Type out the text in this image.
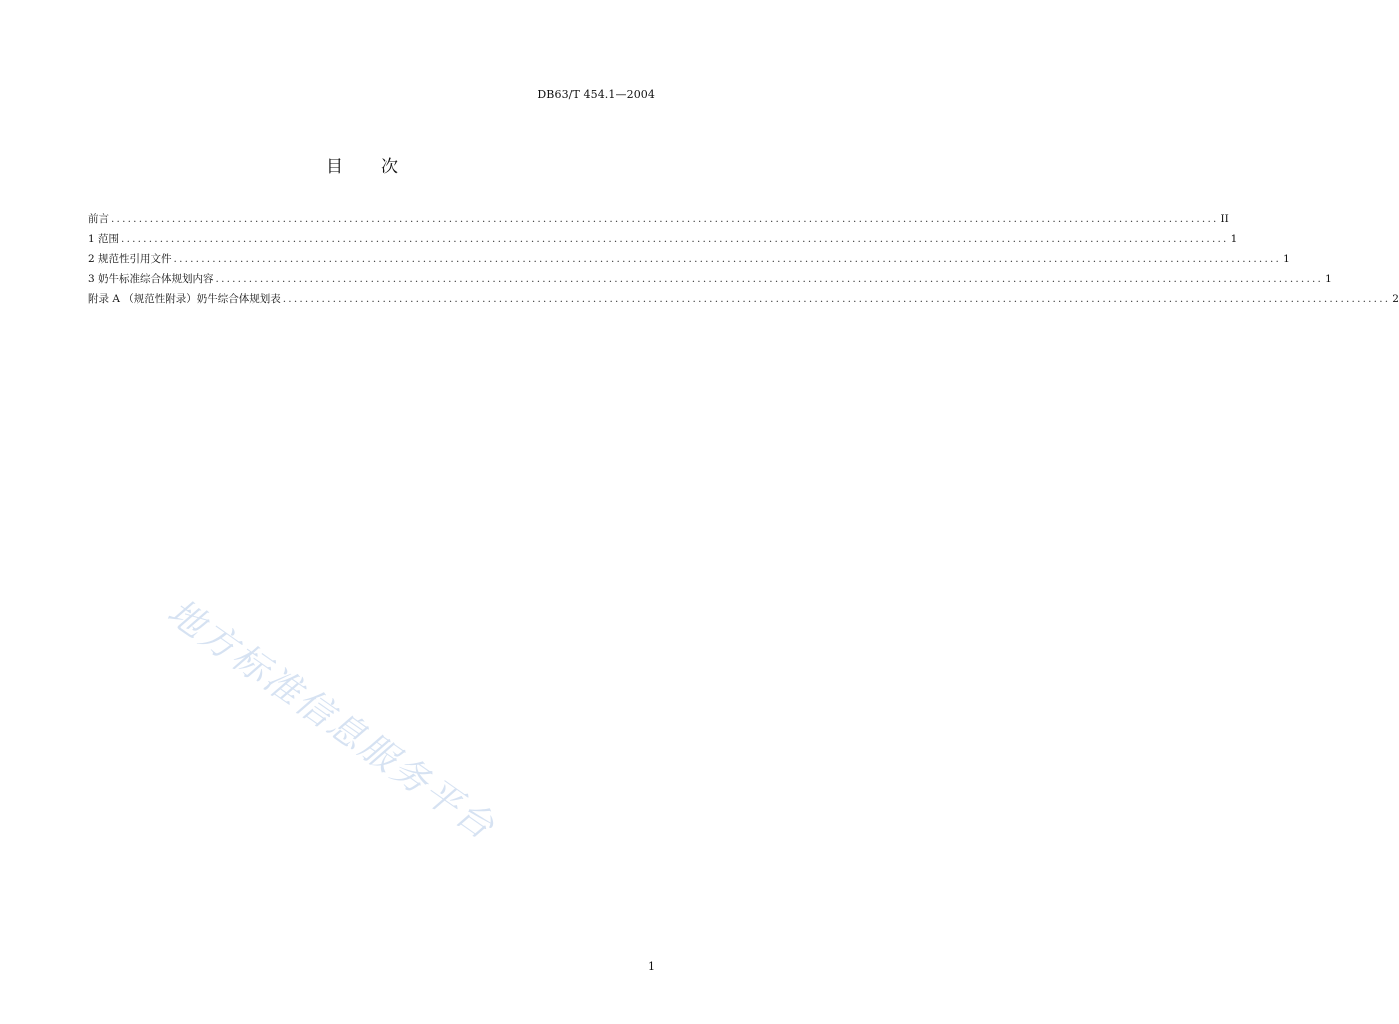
DB63/T 454.1—2004
目 次
前言 ........................................................................................................................................................................................................ II
1 范围 ........................................................................................................................................................................................................ 1
2 规范性引用文件 ........................................................................................................................................................................................................ 1
3 奶牛标准综合体规划内容 ........................................................................................................................................................................................................ 1
附录 A （规范性附录）奶牛综合体规划表 ........................................................................................................................................................................................................ 2
地方标准信息服务平台
1
